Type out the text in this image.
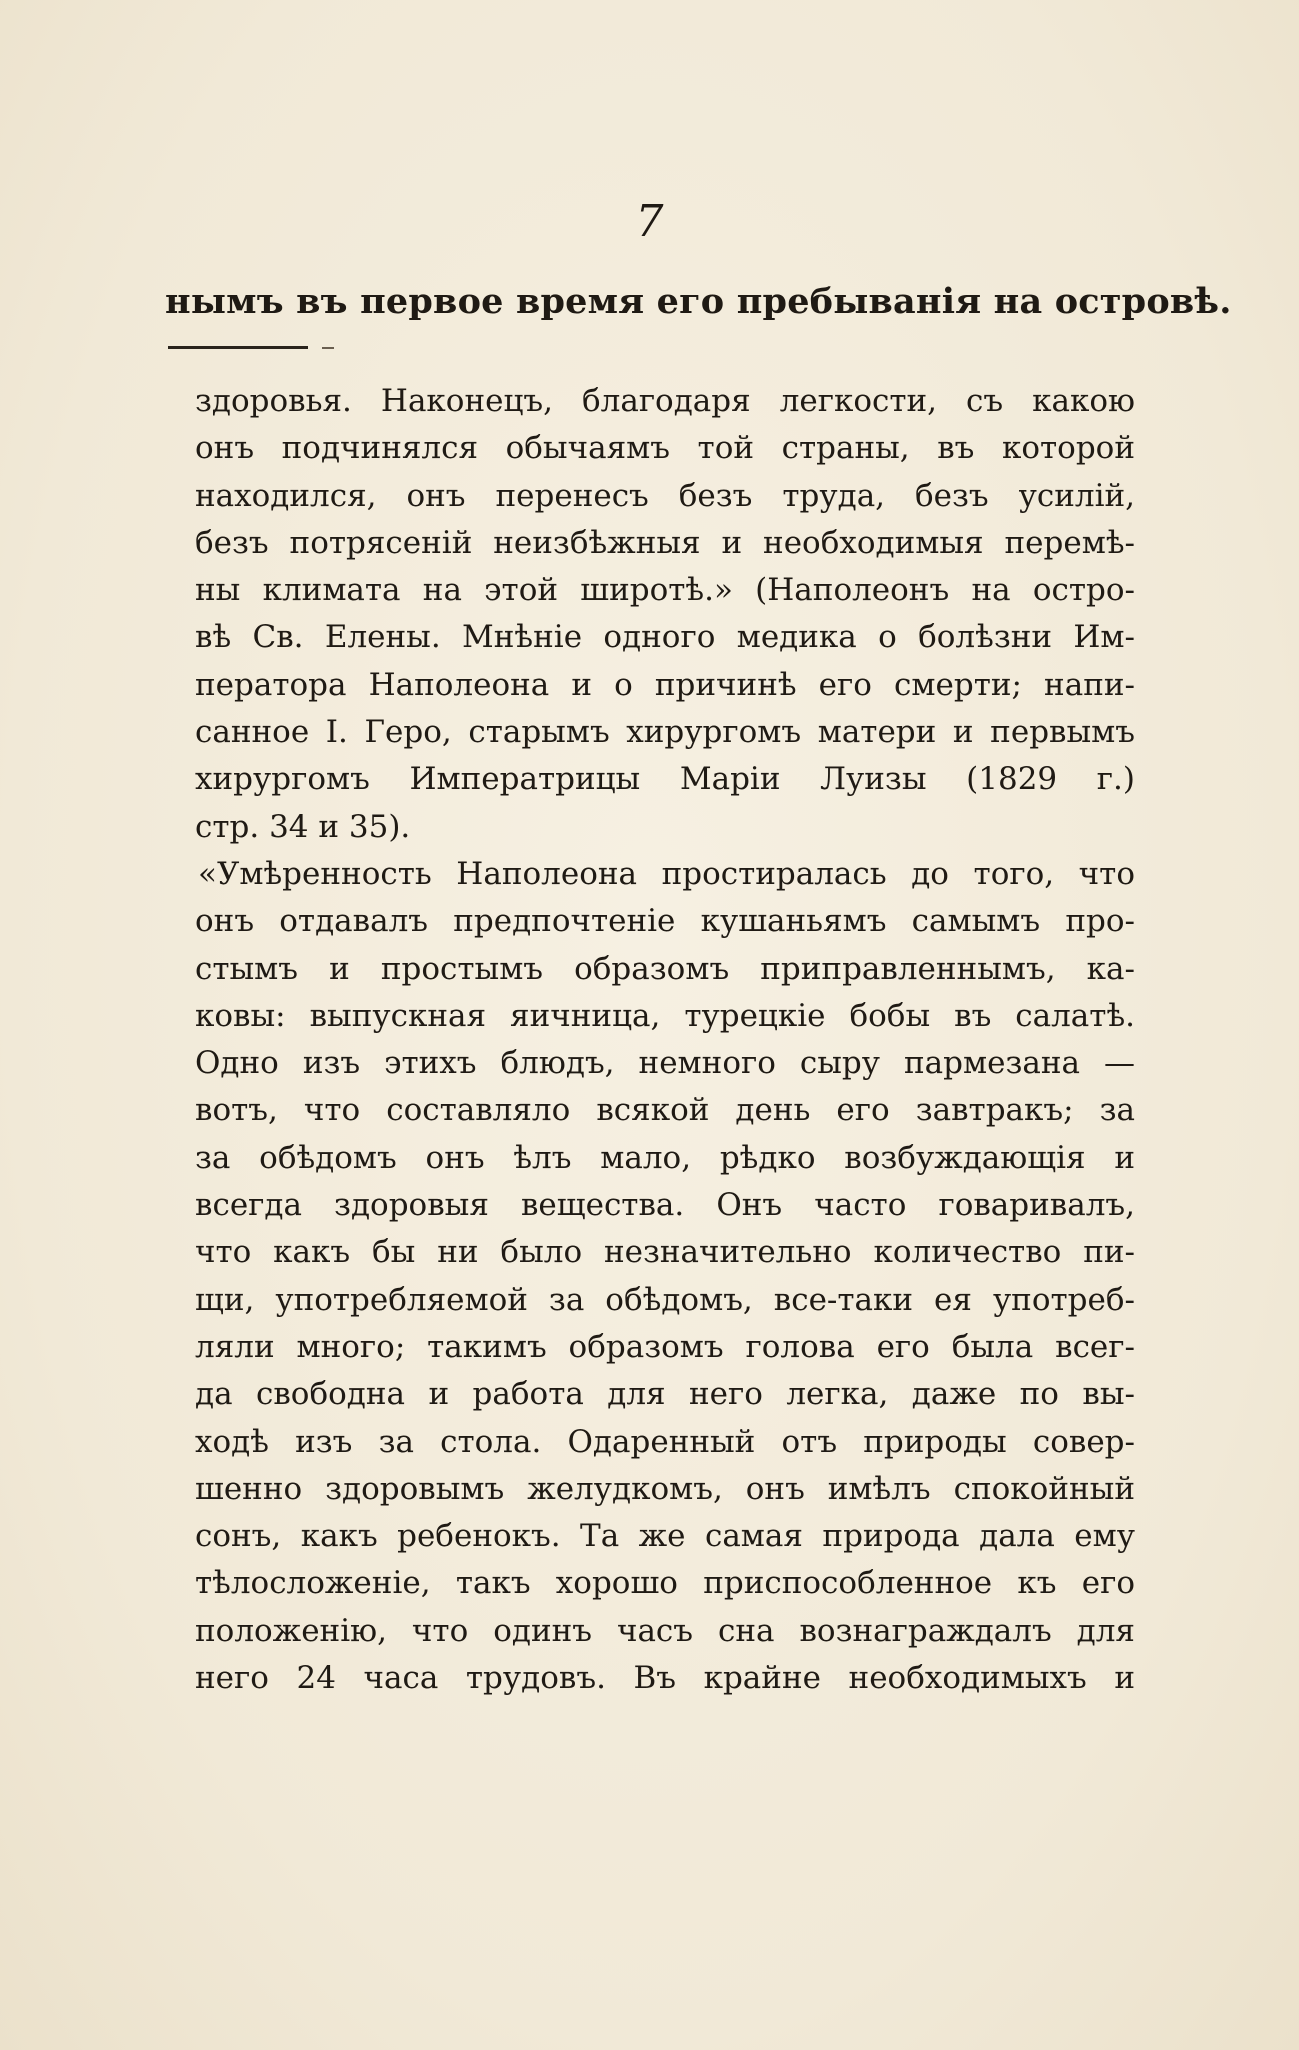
7
нымъ въ первое время его пребыванія на островѣ.
здоровья. Наконецъ, благодаря легкости, съ какою
онъ подчинялся обычаямъ той страны, въ которой
находился, онъ перенесъ безъ труда, безъ усилій,
безъ потрясеній неизбѣжныя и необходимыя перемѣ-
ны климата на этой широтѣ.» (Наполеонъ на остро-
вѣ Св. Елены. Мнѣніе одного медика о болѣзни Им-
ператора Наполеона и о причинѣ его смерти; напи-
санное І. Геро, старымъ хирургомъ матери и первымъ
хирургомъ Императрицы Маріи Луизы (1829 г.)
стр. 34 и 35).
«Умѣренность Наполеона простиралась до того, что
онъ отдавалъ предпочтеніе кушаньямъ самымъ про-
стымъ и простымъ образомъ приправленнымъ, ка-
ковы: выпускная яичница, турецкіе бобы въ салатѣ.
Одно изъ этихъ блюдъ, немного сыру пармезана —
вотъ, что составляло всякой день его завтракъ; за
за обѣдомъ онъ ѣлъ мало, рѣдко возбуждающія и
всегда здоровыя вещества. Онъ часто говаривалъ,
что какъ бы ни было незначительно количество пи-
щи, употребляемой за обѣдомъ, все-таки ея употреб-
ляли много; такимъ образомъ голова его была всег-
да свободна и работа для него легка, даже по вы-
ходѣ изъ за стола. Одаренный отъ природы совер-
шенно здоровымъ желудкомъ, онъ имѣлъ спокойный
сонъ, какъ ребенокъ. Та же самая природа дала ему
тѣлосложеніе, такъ хорошо приспособленное къ его
положенію, что одинъ часъ сна вознаграждалъ для
него 24 часа трудовъ. Въ крайне необходимыхъ и
